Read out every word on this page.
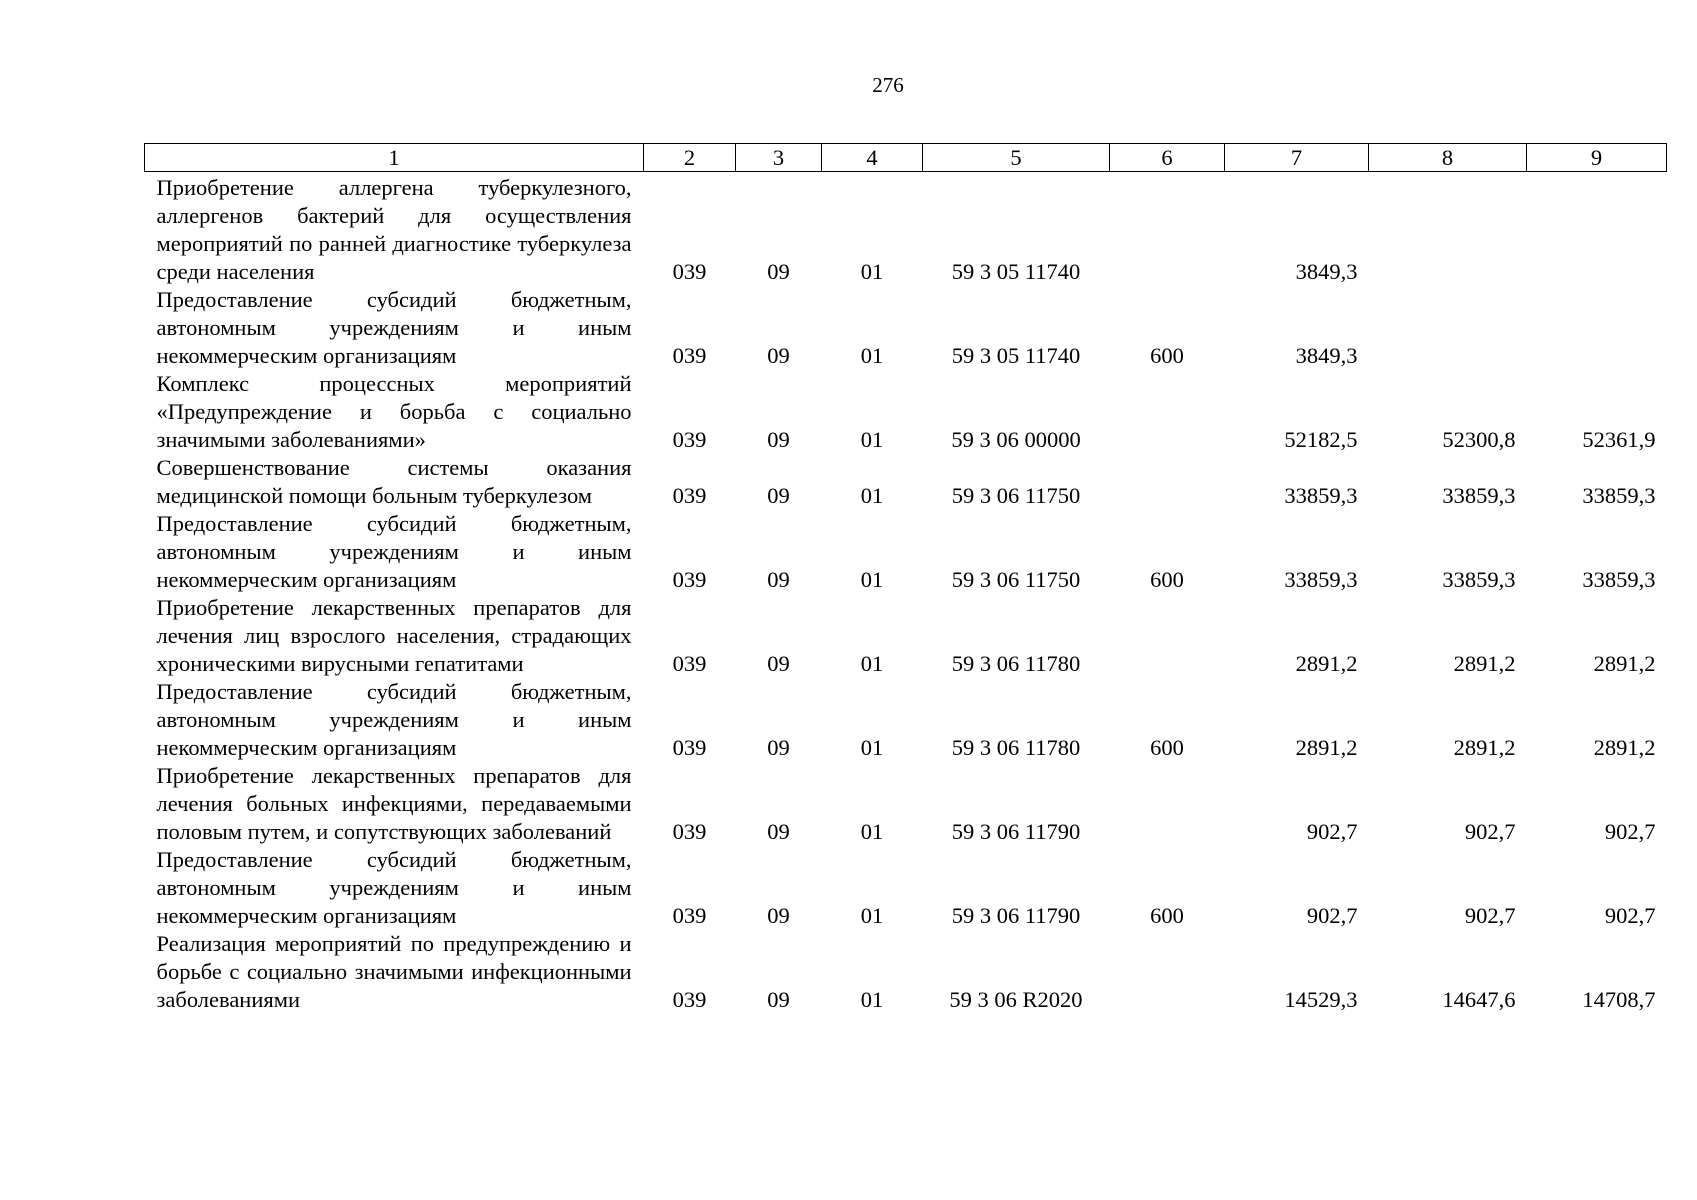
276
1	2	3	4	5	6	7	8	9
Приобретение аллергена туберкулезного, аллергенов бактерий для осуществления мероприятий по ранней диагностике туберкулеза среди населения	039	09	01	59 3 05 11740		3849,3		
Предоставление субсидий бюджетным, автономным учреждениям и иным некоммерческим организациям	039	09	01	59 3 05 11740	600	3849,3		
Комплекс процессных мероприятий «Предупреждение и борьба с социально значимыми заболеваниями»	039	09	01	59 3 06 00000		52182,5	52300,8	52361,9
Совершенствование системы оказания медицинской помощи больным туберкулезом	039	09	01	59 3 06 11750		33859,3	33859,3	33859,3
Предоставление субсидий бюджетным, автономным учреждениям и иным некоммерческим организациям	039	09	01	59 3 06 11750	600	33859,3	33859,3	33859,3
Приобретение лекарственных препаратов для лечения лиц взрослого населения, страдающих хроническими вирусными гепатитами	039	09	01	59 3 06 11780		2891,2	2891,2	2891,2
Предоставление субсидий бюджетным, автономным учреждениям и иным некоммерческим организациям	039	09	01	59 3 06 11780	600	2891,2	2891,2	2891,2
Приобретение лекарственных препаратов для лечения больных инфекциями, передаваемыми половым путем, и сопутствующих заболеваний	039	09	01	59 3 06 11790		902,7	902,7	902,7
Предоставление субсидий бюджетным, автономным учреждениям и иным некоммерческим организациям	039	09	01	59 3 06 11790	600	902,7	902,7	902,7
Реализация мероприятий по предупреждению и борьбе с социально значимыми инфекционными заболеваниями	039	09	01	59 3 06 R2020		14529,3	14647,6	14708,7
